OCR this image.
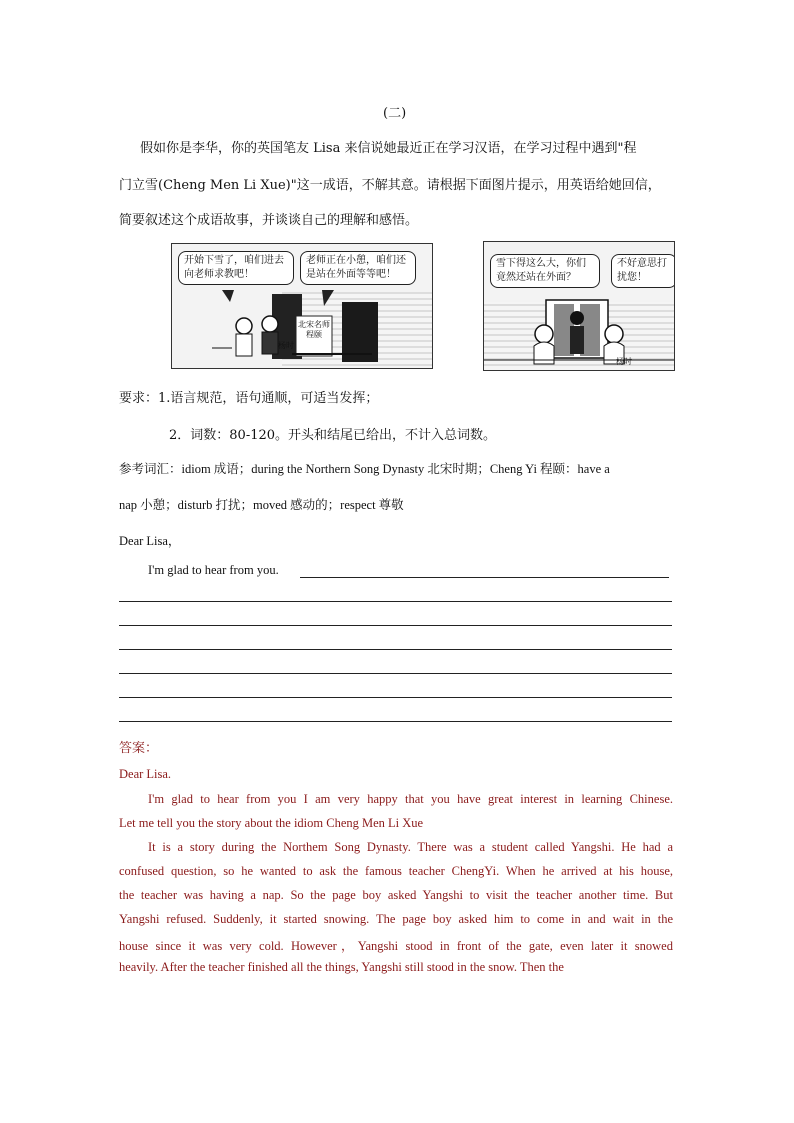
(二)
假如你是李华，你的英国笔友 Lisa 来信说她最近正在学习汉语，在学习过程中遇到"程
门立雪(Cheng Men Li Xue)"这一成语，不解其意。请根据下面图片提示，用英语给她回信，
简要叙述这个成语故事，并谈谈自己的理解和感悟。
开始下雪了，咱们进去向老师求教吧！
老师正在小憩，咱们还是站在外面等等吧！
北宋名师程颐
杨时
雪下得这么大，你们竟然还站在外面？
不好意思打扰您！
杨时
要求：1.语言规范，语句通顺，可适当发挥；
2．词数：80-120。开头和结尾已给出，不计入总词数。
参考词汇：idiom 成语；during the Northern Song Dynasty 北宋时期；Cheng Yi 程颐：have a
nap 小憩；disturb 打扰；moved 感动的；respect 尊敬
Dear Lisa，
I'm glad to hear from you.
答案：
Dear Lisa.
I'm glad to hear from you I am very happy that you have great interest in learning Chinese.
Let me tell you the story about the idiom Cheng Men Li Xue
It is a story during the Northem Song Dynasty. There was a student called Yangshi. He had a
confused question, so he wanted to ask the famous teacher ChengYi. When he arrived at his house,
the teacher was having a nap. So the page boy asked Yangshi to visit the teacher another time. But
Yangshi refused. Suddenly, it started snowing. The page boy asked him to come in and wait in the
house since it was very cold. However，Yangshi stood in front of the gate, even later it snowed
heavily. After the teacher finished all the things, Yangshi still stood in the snow. Then the
